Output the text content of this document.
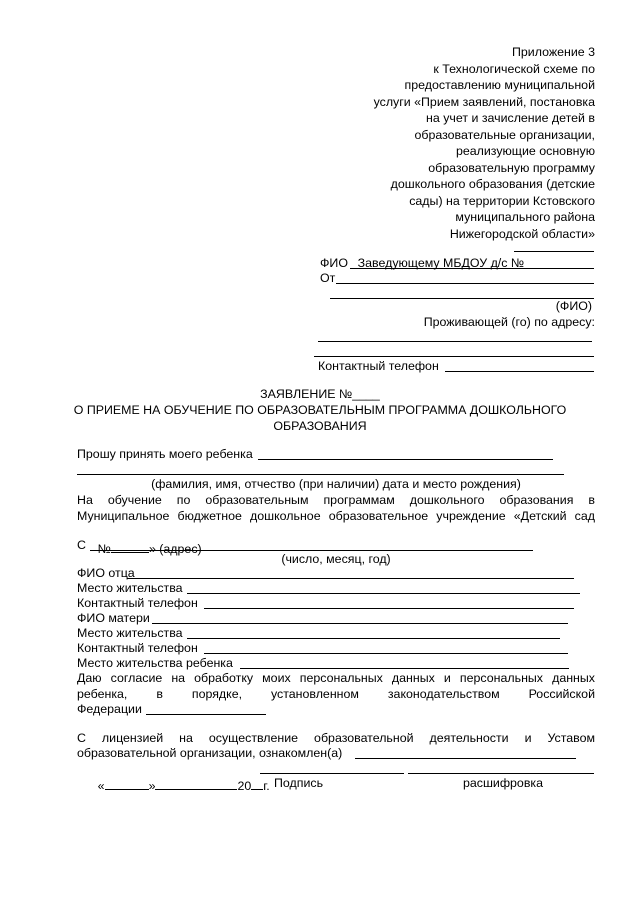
Приложение 3
к Технологической схеме по
предоставлению муниципальной
услуги «Прием заявлений, постановка
на учет и зачисление детей в
образовательные организации,
реализующие основную
образовательную программу
дошкольного образования (детские
сады) на территории Кстовского
муниципального района
Нижегородской области»

Заведующему МБДОУ д/с №

ФИО
От
(ФИО)
Проживающей (го) по адресу:
Контактный телефон
ЗАЯВЛЕНИЕ №____
О ПРИЕМЕ НА ОБУЧЕНИЕ ПО ОБРАЗОВАТЕЛЬНЫМ ПРОГРАММА ДОШКОЛЬНОГО
ОБРАЗОВАНИЯ
Прошу принять моего ребенка
(фамилия, имя, отчество (при наличии) дата и место рождения)
На обучение по образовательным программам дошкольного образования в
Муниципальное бюджетное дошкольное образовательное учреждение «Детский сад

№	» (адрес)

С
(число, месяц, год)
ФИО отца
Место жительства
Контактный телефон
ФИО матери
Место жительства
Контактный телефон
Место жительства ребенка
Даю согласие на обработку моих персональных данных и персональных данных
ребенка, в порядке, установленном законодательством Российской
Федерации
С лицензией на осуществление образовательной деятельности и Уставом
образовательной организации, ознакомлен(а)

«	»	20 г.
Подпись	расшифровка
